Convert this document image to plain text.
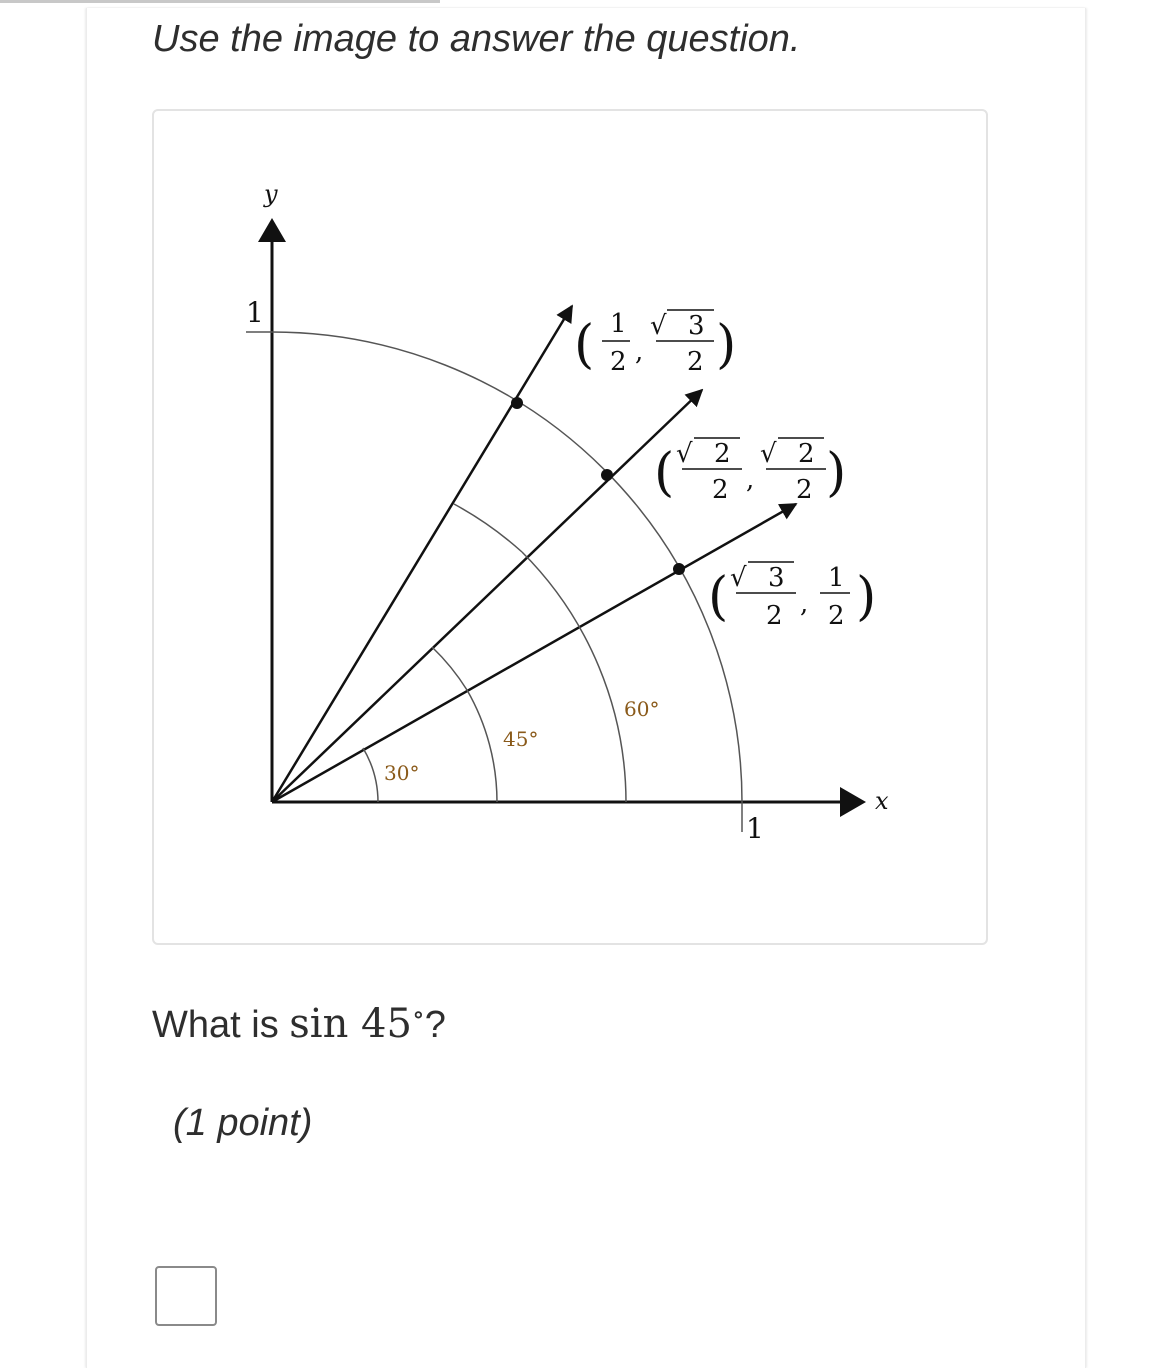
Use the image to answer the question.
y
x
1
1
30°
45°
60°
( 1
2 ,
√ 3
2 )
( √ 2
2 ,
√ 2
2 )
( √ 3
2 ,
1
2 )
What is sin 45∘?
(1 point)
